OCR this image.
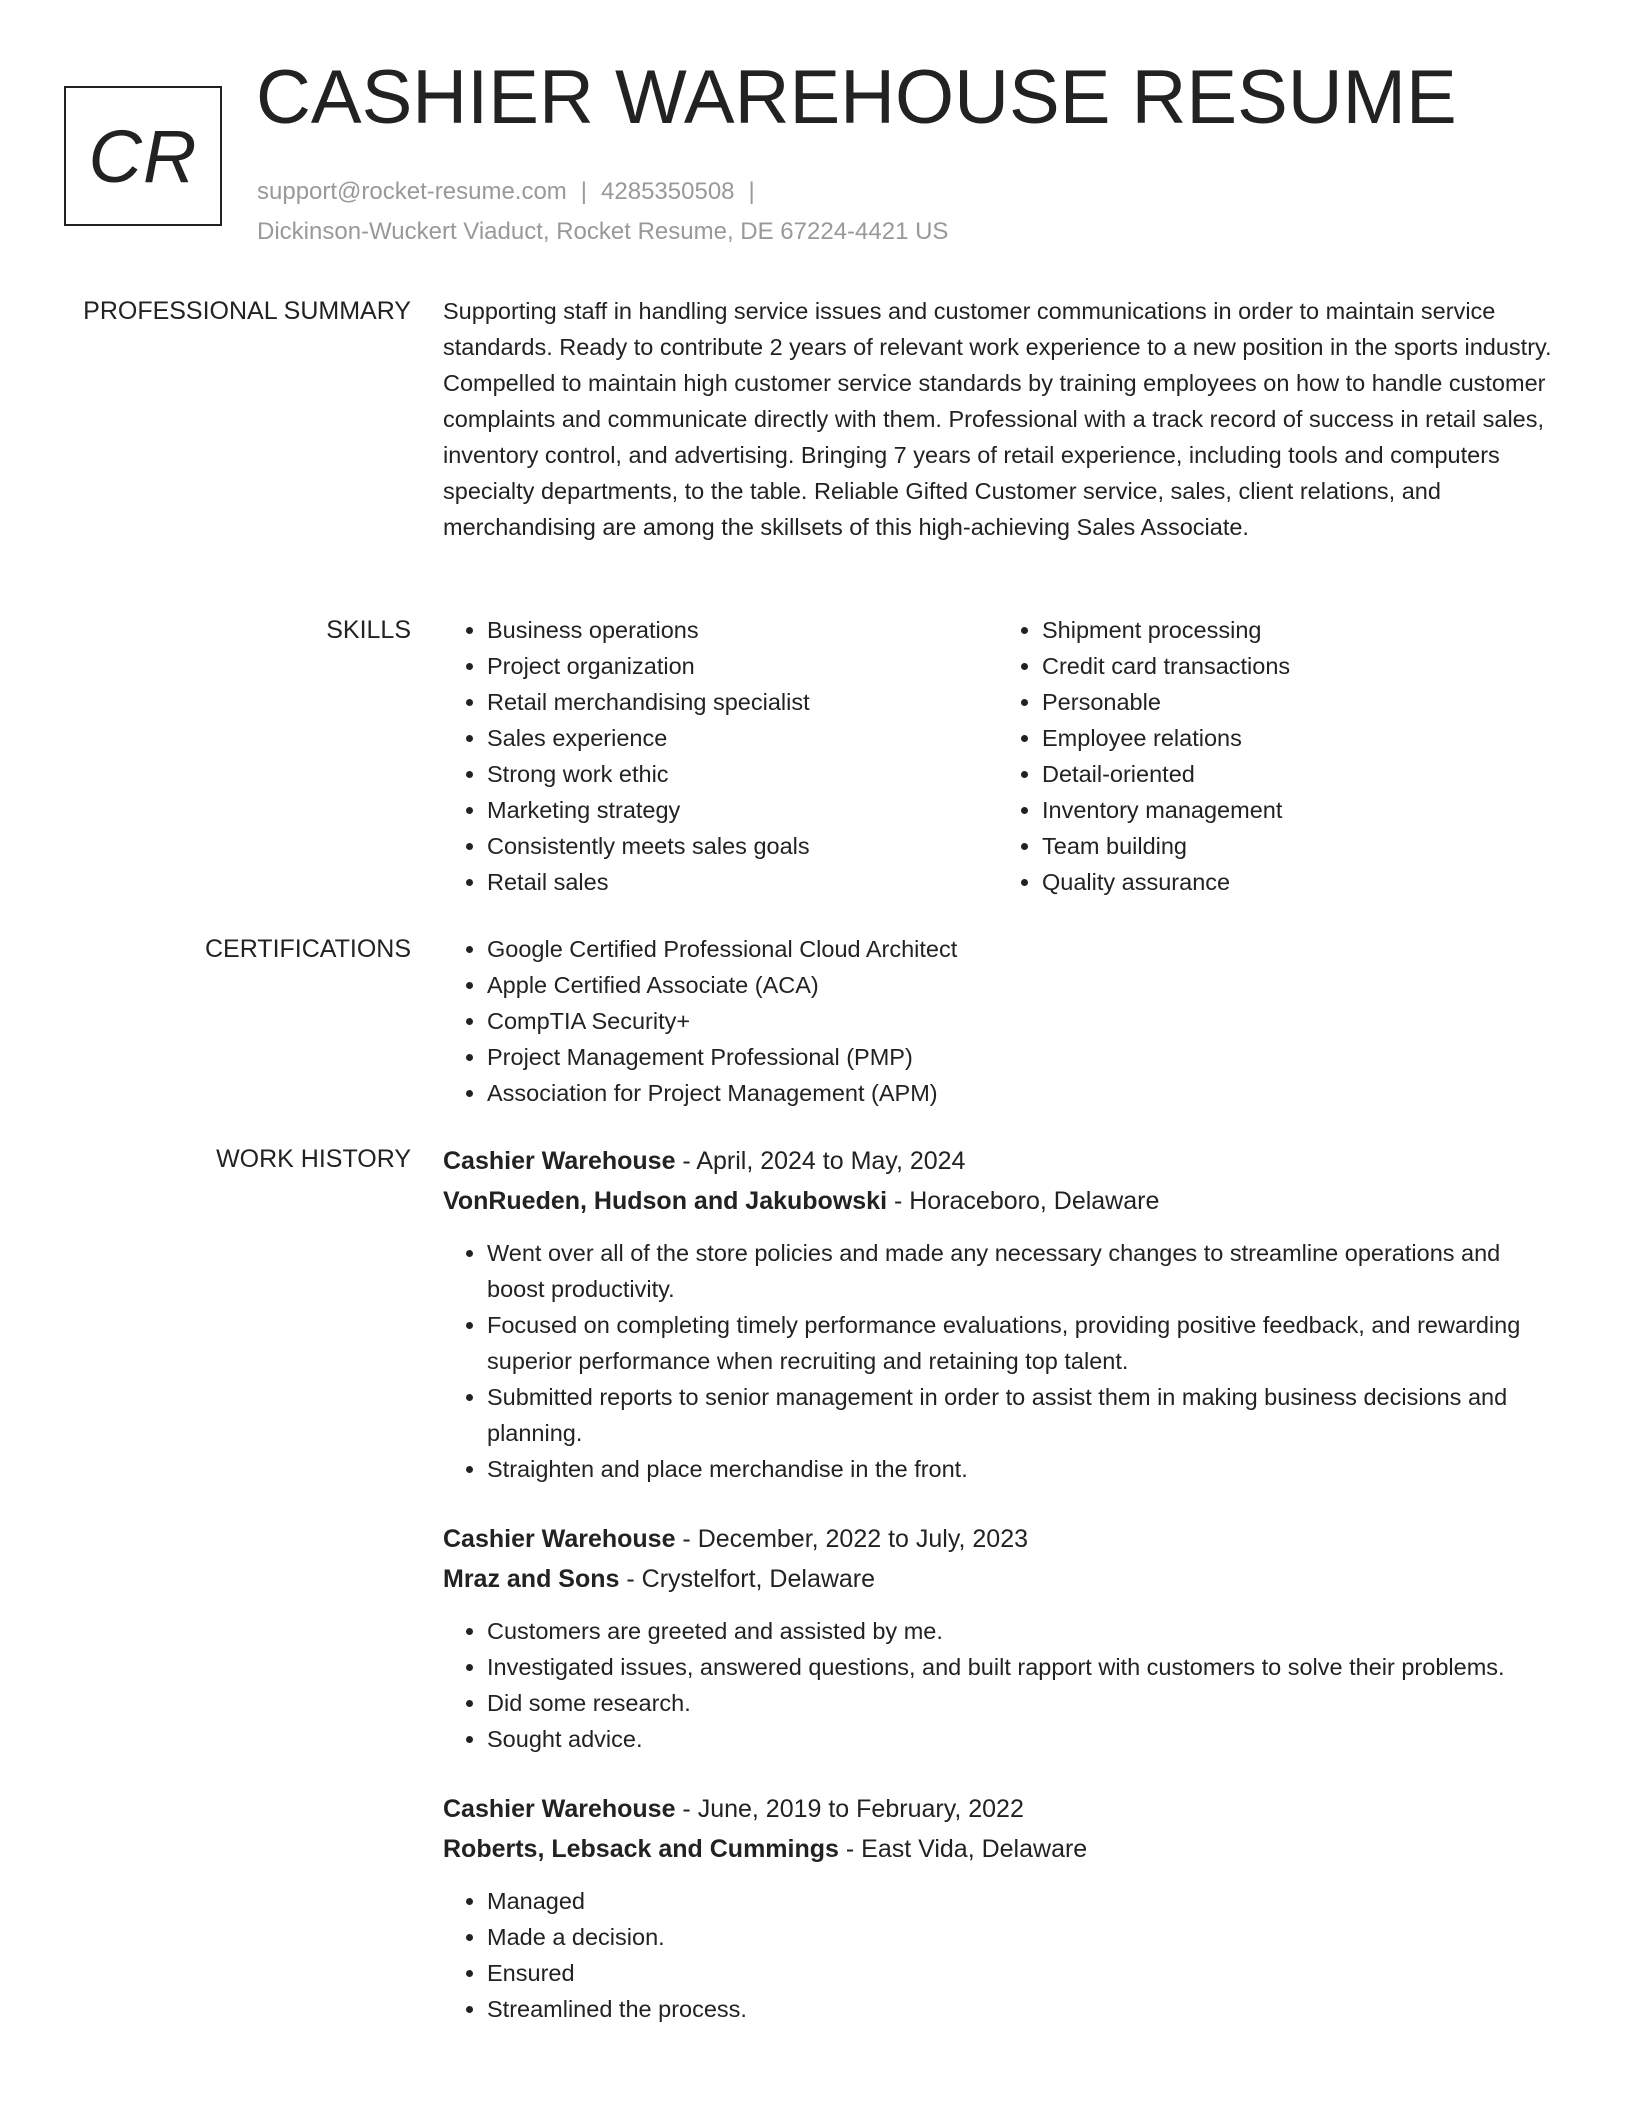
CR
CASHIER WAREHOUSE RESUME
support@rocket-resume.com | 4285350508 |
Dickinson-Wuckert Viaduct, Rocket Resume, DE 67224-4421 US
PROFESSIONAL SUMMARY Supporting staff in handling service issues and customer communications in order to maintain service standards. Ready to contribute 2 years of relevant work experience to a new position in the sports industry. Compelled to maintain high customer service standards by training employees on how to handle customer complaints and communicate directly with them. Professional with a track record of success in retail sales, inventory control, and advertising. Bringing 7 years of retail experience, including tools and computers specialty departments, to the table. Reliable Gifted Customer service, sales, client relations, and merchandising are among the skillsets of this high-achieving Sales Associate.

SKILLS	• Business operations
• Project organization
• Retail merchandising specialist
• Sales experience
• Strong work ethic
• Marketing strategy
• Consistently meets sales goals
• Retail sales
• Shipment processing
• Credit card transactions
• Personable
• Employee relations
• Detail-oriented
• Inventory management
• Team building
• Quality assurance
CERTIFICATIONS	• Google Certified Professional Cloud Architect
• Apple Certified Associate (ACA)
• CompTIA Security+
• Project Management Professional (PMP)
• Association for Project Management (APM)
WORK HISTORY Cashier Warehouse - April, 2024 to May, 2024
VonRueden, Hudson and Jakubowski - Horaceboro, Delaware
• Went over all of the store policies and made any necessary changes to streamline operations and boost productivity.
• Focused on completing timely performance evaluations, providing positive feedback, and rewarding superior performance when recruiting and retaining top talent.
• Submitted reports to senior management in order to assist them in making business decisions and planning.
• Straighten and place merchandise in the front.
Cashier Warehouse - December, 2022 to July, 2023
Mraz and Sons - Crystelfort, Delaware
• Customers are greeted and assisted by me.
• Investigated issues, answered questions, and built rapport with customers to solve their problems.
• Did some research.
• Sought advice.
Cashier Warehouse - June, 2019 to February, 2022
Roberts, Lebsack and Cummings - East Vida, Delaware
• Managed
• Made a decision.
• Ensured
• Streamlined the process.
